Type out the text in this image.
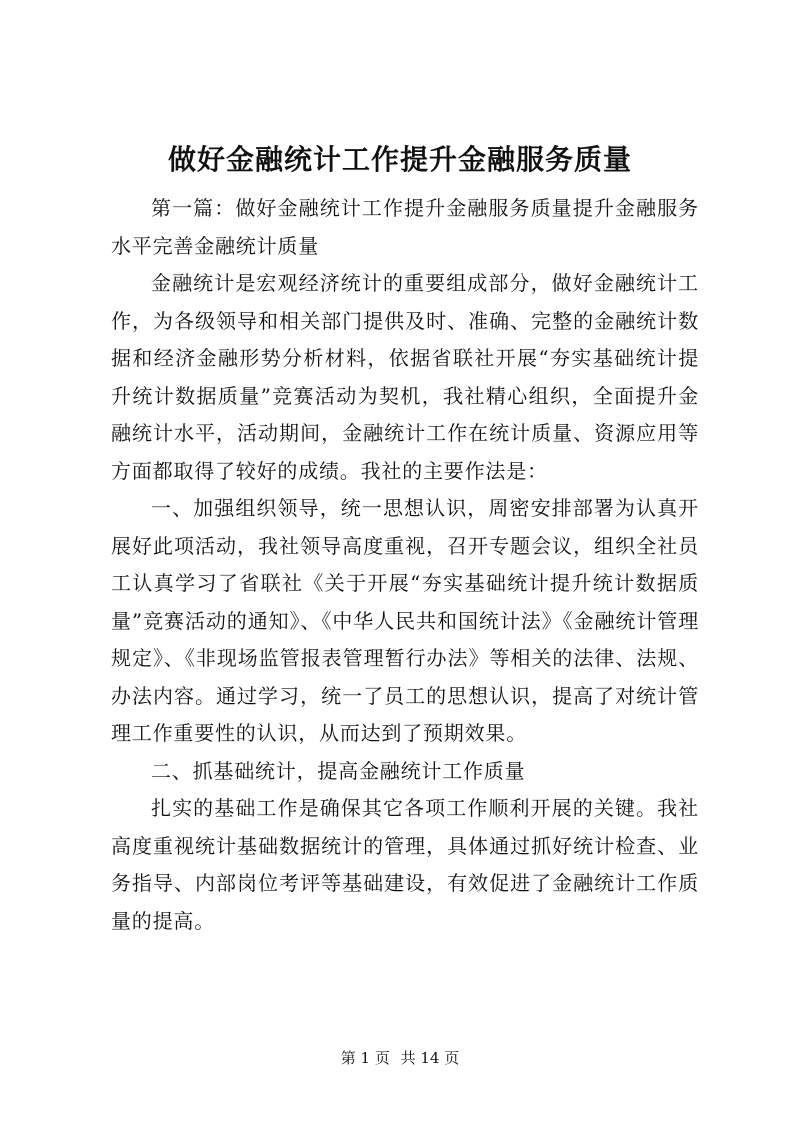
做好金融统计工作提升金融服务质量

第一篇：做好金融统计工作提升金融服务质量提升金融服务水平完善金融统计质量

金融统计是宏观经济统计的重要组成部分，做好金融统计工作，为各级领导和相关部门提供及时、准确、完整的金融统计数据和经济金融形势分析材料，依据省联社开展“夯实基础统计提升统计数据质量”竞赛活动为契机，我社精心组织，全面提升金融统计水平，活动期间，金融统计工作在统计质量、资源应用等方面都取得了较好的成绩。我社的主要作法是：

一、加强组织领导，统一思想认识，周密安排部署为认真开展好此项活动，我社领导高度重视，召开专题会议，组织全社员工认真学习了省联社《关于开展“夯实基础统计提升统计数据质量”竞赛活动的通知》、《中华人民共和国统计法》《金融统计管理规定》、《非现场监管报表管理暂行办法》等相关的法律、法规、办法内容。通过学习，统一了员工的思想认识，提高了对统计管理工作重要性的认识，从而达到了预期效果。

二、抓基础统计，提高金融统计工作质量

扎实的基础工作是确保其它各项工作顺利开展的关键。我社高度重视统计基础数据统计的管理，具体通过抓好统计检查、业务指导、内部岗位考评等基础建设，有效促进了金融统计工作质量的提高。

第 1 页 共 14 页
